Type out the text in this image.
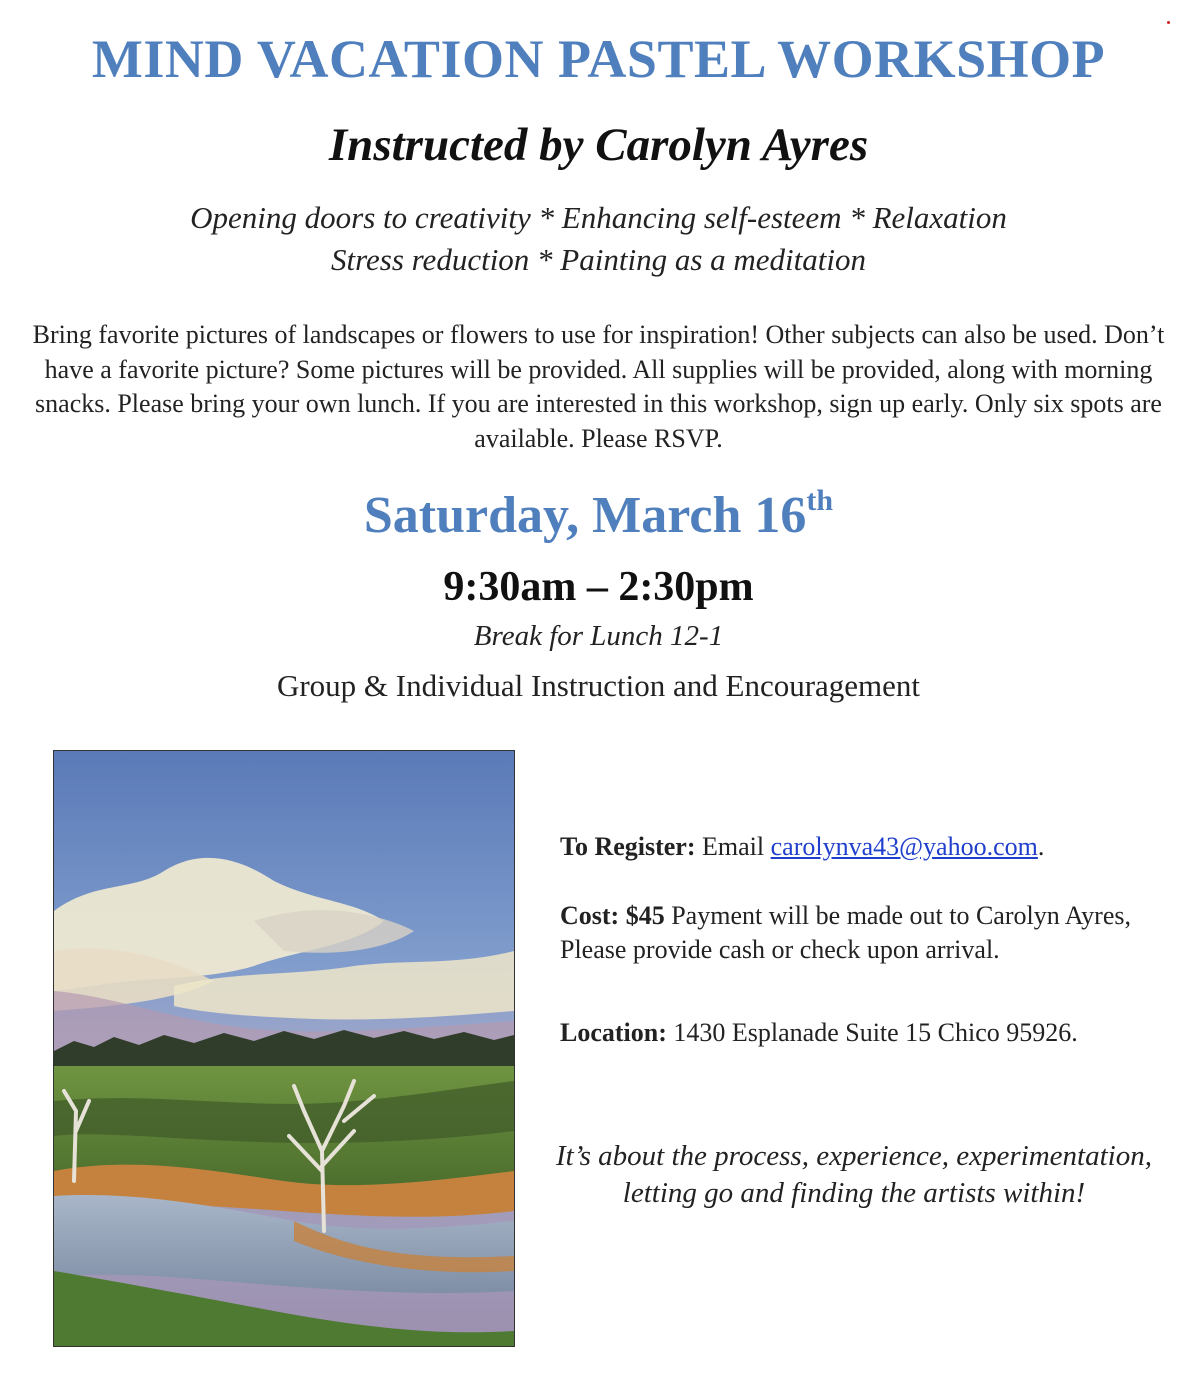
MIND VACATION PASTEL WORKSHOP
Instructed by Carolyn Ayres
Opening doors to creativity * Enhancing self-esteem * Relaxation
Stress reduction * Painting as a meditation
Bring favorite pictures of landscapes or flowers to use for inspiration! Other subjects can also be used. Don’t have a favorite picture? Some pictures will be provided. All supplies will be provided, along with morning snacks. Please bring your own lunch. If you are interested in this workshop, sign up early. Only six spots are available. Please RSVP.
Saturday, March 16th
9:30am – 2:30pm
Break for Lunch 12-1
Group & Individual Instruction and Encouragement
To Register: Email carolynva43@yahoo.com.
Cost: $45 Payment will be made out to Carolyn Ayres, Please provide cash or check upon arrival.
Location: 1430 Esplanade Suite 15 Chico 95926.
It’s about the process, experience, experimentation,
letting go and finding the artists within!
